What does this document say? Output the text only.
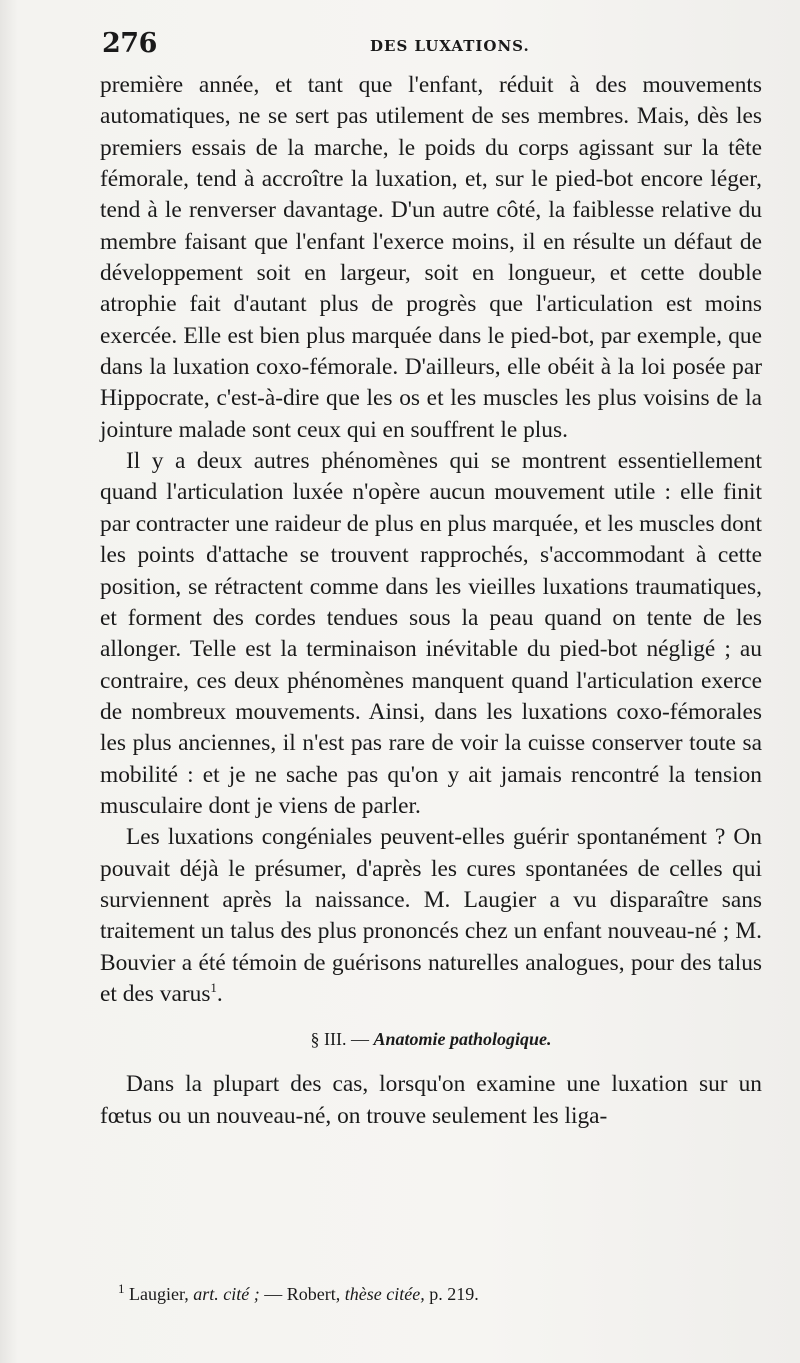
276	DES LUXATIONS.

première année, et tant que l'enfant, réduit à des mouvements automatiques, ne se sert pas utilement de ses membres. Mais, dès les premiers essais de la marche, le poids du corps agissant sur la tête fémorale, tend à accroître la luxation, et, sur le pied-bot encore léger, tend à le renverser davantage. D'un autre côté, la faiblesse relative du membre faisant que l'enfant l'exerce moins, il en résulte un défaut de développement soit en largeur, soit en longueur, et cette double atrophie fait d'autant plus de progrès que l'articulation est moins exercée. Elle est bien plus marquée dans le pied-bot, par exemple, que dans la luxation coxo-fémorale. D'ailleurs, elle obéit à la loi posée par Hippocrate, c'est-à-dire que les os et les muscles les plus voisins de la jointure malade sont ceux qui en souffrent le plus.

Il y a deux autres phénomènes qui se montrent essentiellement quand l'articulation luxée n'opère aucun mouvement utile : elle finit par contracter une raideur de plus en plus marquée, et les muscles dont les points d'attache se trouvent rapprochés, s'accommodant à cette position, se rétractent comme dans les vieilles luxations traumatiques, et forment des cordes tendues sous la peau quand on tente de les allonger. Telle est la terminaison inévitable du pied-bot négligé ; au contraire, ces deux phénomènes manquent quand l'articulation exerce de nombreux mouvements. Ainsi, dans les luxations coxo-fémorales les plus anciennes, il n'est pas rare de voir la cuisse conserver toute sa mobilité : et je ne sache pas qu'on y ait jamais rencontré la tension musculaire dont je viens de parler.

Les luxations congéniales peuvent-elles guérir spontanément ? On pouvait déjà le présumer, d'après les cures spontanées de celles qui surviennent après la naissance. M. Laugier a vu disparaître sans traitement un talus des plus prononcés chez un enfant nouveau-né ; M. Bouvier a été témoin de guérisons naturelles analogues, pour des talus et des varus$^1$.

§ III. — Anatomie pathologique.

Dans la plupart des cas, lorsqu'on examine une luxation sur un fœtus ou un nouveau-né, on trouve seulement les liga-

$^1$ Laugier, art. cité ; — Robert, thèse citée, p. 219.
